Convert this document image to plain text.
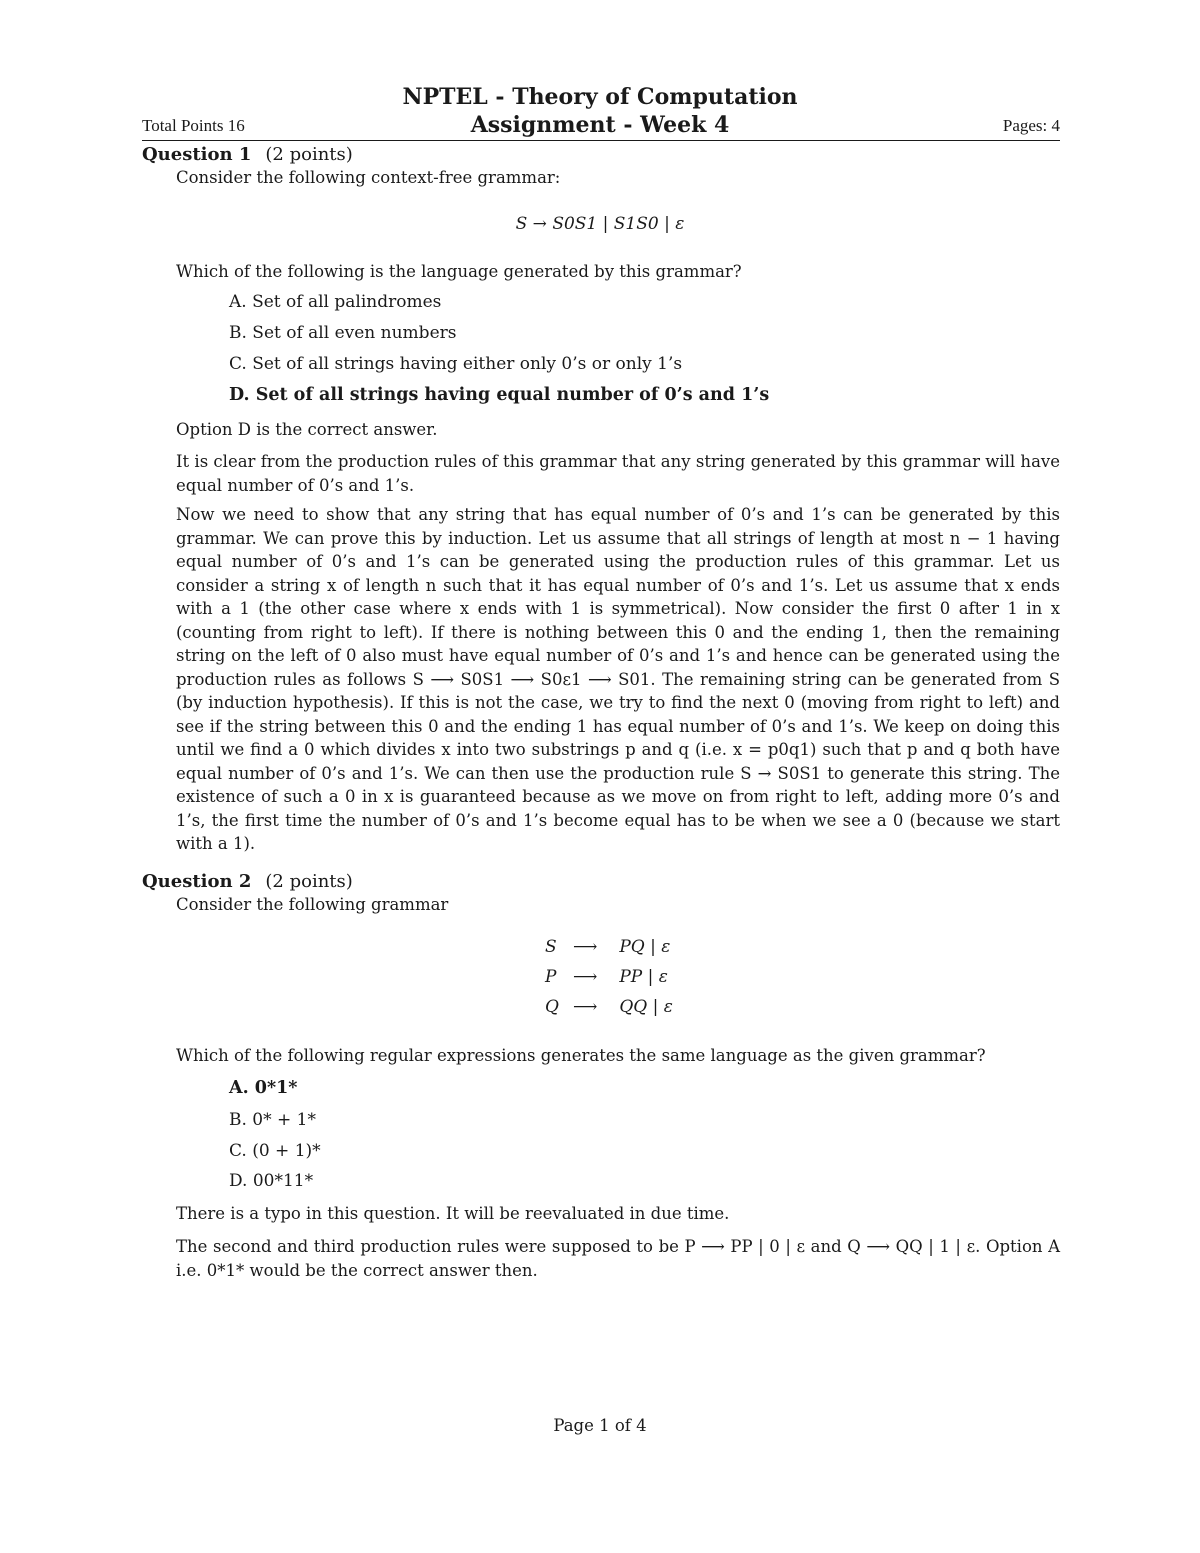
NPTEL - Theory of Computation
Total Points 16	Assignment - Week 4	Pages: 4
Question 1 (2 points)
Consider the following context-free grammar:
S → S0S1 | S1S0 | ε
Which of the following is the language generated by this grammar?
A. Set of all palindromes
B. Set of all even numbers
C. Set of all strings having either only 0’s or only 1’s
D. Set of all strings having equal number of 0’s and 1’s
Option D is the correct answer.
It is clear from the production rules of this grammar that any string generated by this grammar will have equal number of 0’s and 1’s.
Now we need to show that any string that has equal number of 0’s and 1’s can be generated by this grammar. We can prove this by induction. Let us assume that all strings of length at most n − 1 having equal number of 0’s and 1’s can be generated using the production rules of this grammar. Let us consider a string x of length n such that it has equal number of 0’s and 1’s. Let us assume that x ends with a 1 (the other case where x ends with 1 is symmetrical). Now consider the first 0 after 1 in x (counting from right to left). If there is nothing between this 0 and the ending 1, then the remaining string on the left of 0 also must have equal number of 0’s and 1’s and hence can be generated using the production rules as follows S ⟶ S0S1 ⟶ S0ε1 ⟶ S01. The remaining string can be generated from S (by induction hypothesis). If this is not the case, we try to find the next 0 (moving from right to left) and see if the string between this 0 and the ending 1 has equal number of 0’s and 1’s. We keep on doing this until we find a 0 which divides x into two substrings p and q (i.e. x = p0q1) such that p and q both have equal number of 0’s and 1’s. We can then use the production rule S → S0S1 to generate this string. The existence of such a 0 in x is guaranteed because as we move on from right to left, adding more 0’s and 1’s, the first time the number of 0’s and 1’s become equal has to be when we see a 0 (because we start with a 1).
Question 2 (2 points)
Consider the following grammar
S	⟶	PQ | ε
P	⟶	PP | ε
Q	⟶	QQ | ε
Which of the following regular expressions generates the same language as the given grammar?
A. 0*1*
B. 0* + 1*
C. (0 + 1)*
D. 00*11*
There is a typo in this question. It will be reevaluated in due time.
The second and third production rules were supposed to be P ⟶ PP | 0 | ε and Q ⟶ QQ | 1 | ε. Option A i.e. 0*1* would be the correct answer then.
Page 1 of 4
